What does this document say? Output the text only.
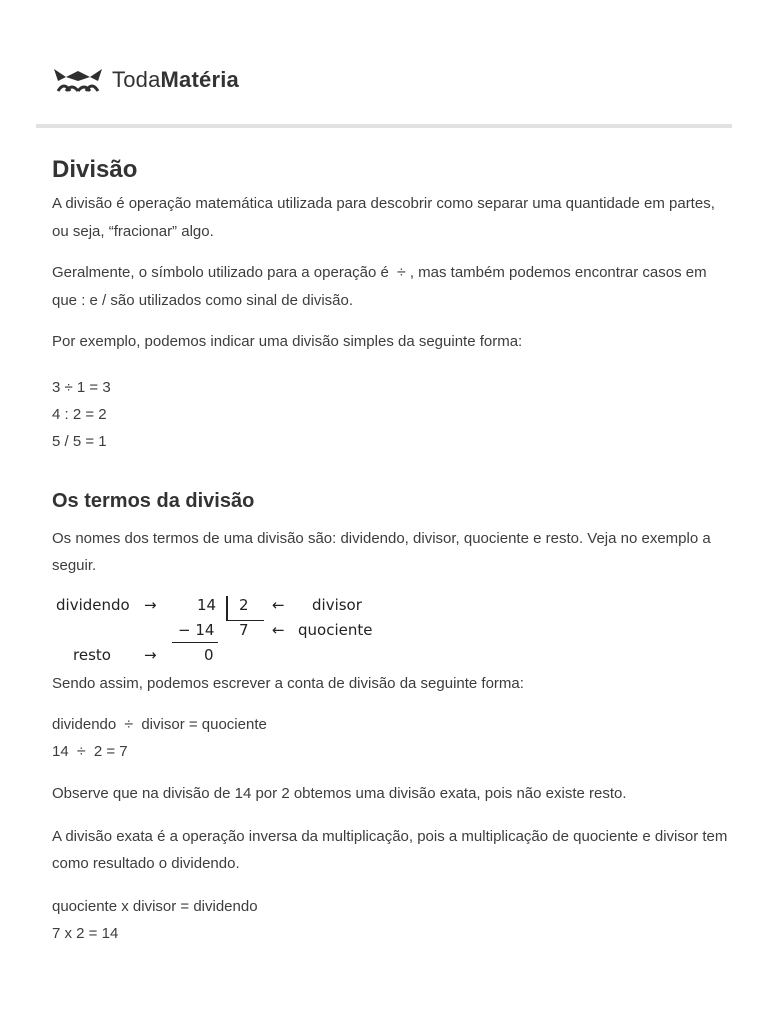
TodaMatéria
Divisão

A divisão é operação matemática utilizada para descobrir como separar uma quantidade em partes, ou seja, “fracionar” algo.

Geralmente, o símbolo utilizado para a operação é ÷ , mas também podemos encontrar casos em que : e / são utilizados como sinal de divisão.

Por exemplo, podemos indicar uma divisão simples da seguinte forma:

3 ÷ 1 = 3
4 : 2 = 2
5 / 5 = 1
Os termos da divisão

Os nomes dos termos de uma divisão são: dividendo, divisor, quociente e resto. Veja no exemplo a seguir.

dividendo →	14 2 ← divisor
− 14 7 ← quociente
resto →	0

Sendo assim, podemos escrever a conta de divisão da seguinte forma:

dividendo ÷ divisor = quociente
14 ÷ 2 = 7

Observe que na divisão de 14 por 2 obtemos uma divisão exata, pois não existe resto.

A divisão exata é a operação inversa da multiplicação, pois a multiplicação de quociente e divisor tem como resultado o dividendo.

quociente x divisor = dividendo
7 x 2 = 14
